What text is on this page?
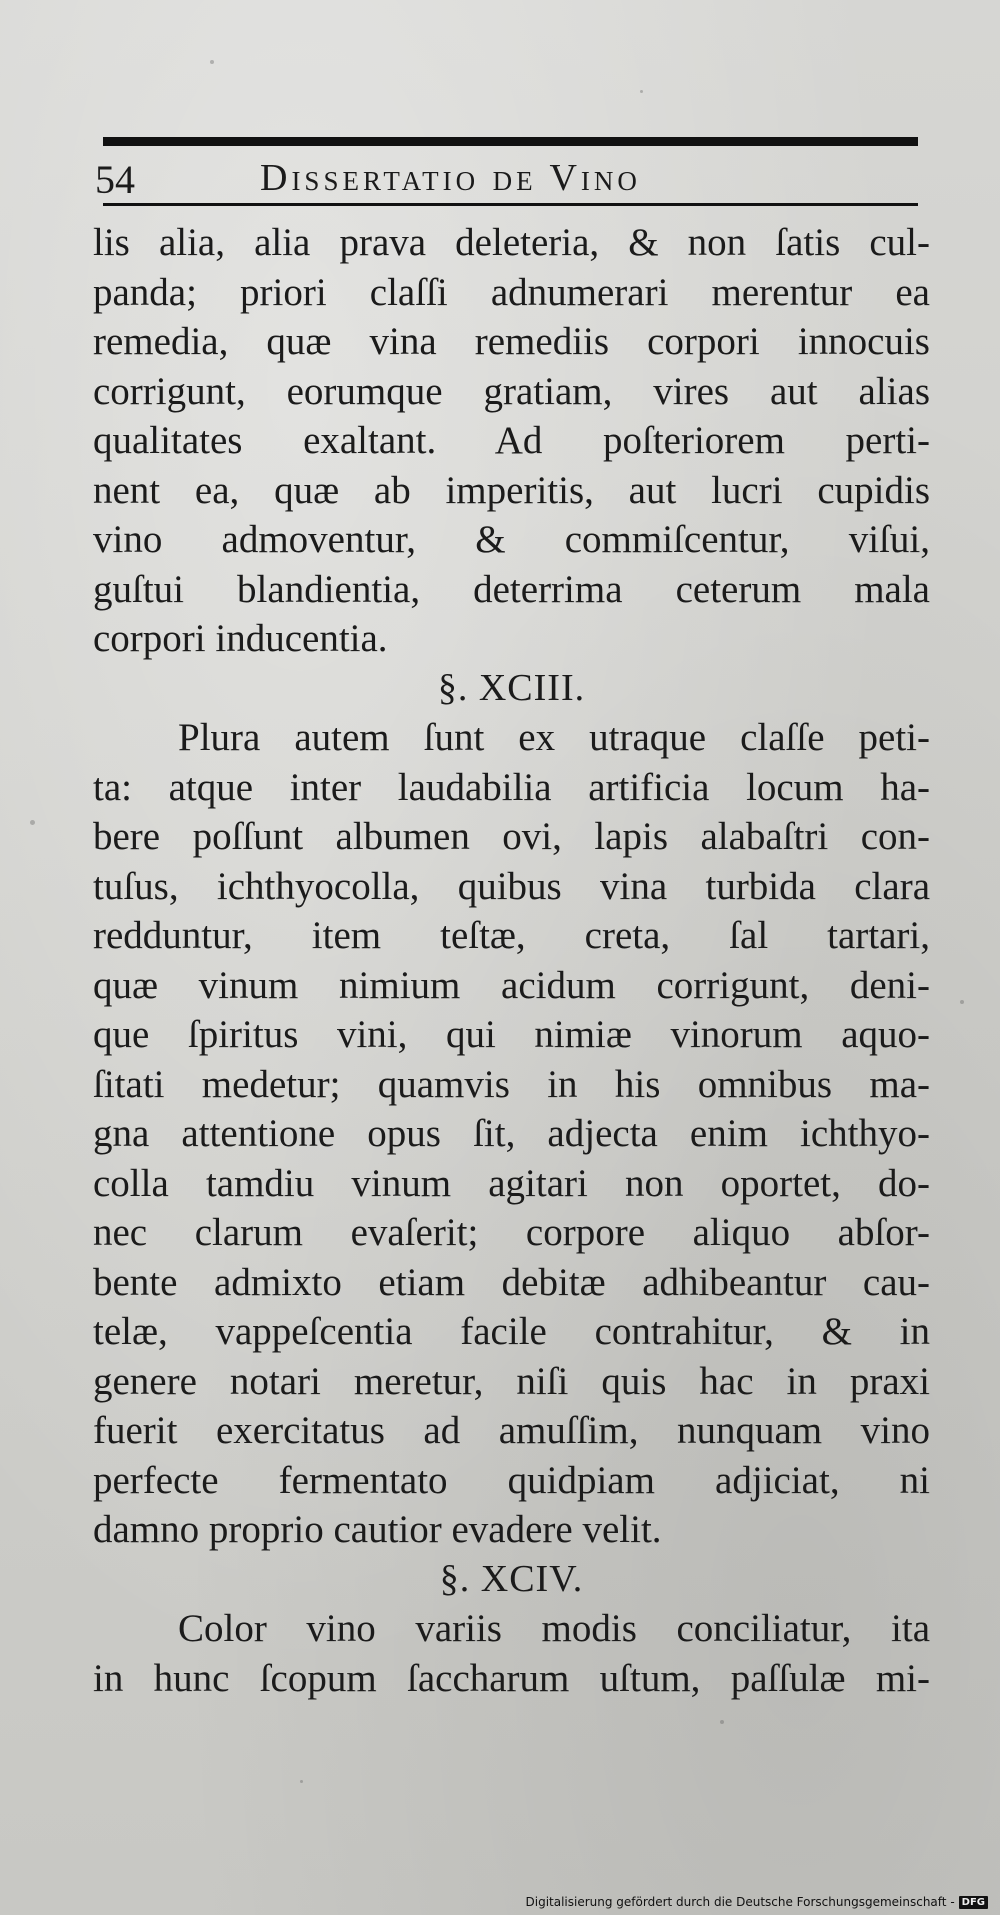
54	Dissertatio de Vino
lis alia, alia prava deleteria, & non ſatis cul-
panda; priori claſſi adnumerari merentur ea
remedia, quæ vina remediis corpori innocuis
corrigunt, eorumque gratiam, vires aut alias
qualitates exaltant. Ad poſteriorem perti-
nent ea, quæ ab imperitis, aut lucri cupidis
vino admoventur, & commiſcentur, viſui,
guſtui blandientia, deterrima ceterum mala
corpori inducentia.
§. XCIII.
Plura autem ſunt ex utraque claſſe peti-
ta: atque inter laudabilia artificia locum ha-
bere poſſunt albumen ovi, lapis alabaſtri con-
tuſus, ichthyocolla, quibus vina turbida clara
redduntur, item teſtæ, creta, ſal tartari,
quæ vinum nimium acidum corrigunt, deni-
que ſpiritus vini, qui nimiæ vinorum aquo-
ſitati medetur; quamvis in his omnibus ma-
gna attentione opus ſit, adjecta enim ichthyo-
colla tamdiu vinum agitari non oportet, do-
nec clarum evaſerit; corpore aliquo abſor-
bente admixto etiam debitæ adhibeantur cau-
telæ, vappeſcentia facile contrahitur, & in
genere notari meretur, niſi quis hac in praxi
fuerit exercitatus ad amuſſim, nunquam vino
perfecte fermentato quidpiam adjiciat, ni
damno proprio cautior evadere velit.
§. XCIV.
Color vino variis modis conciliatur, ita
in hunc ſcopum ſaccharum uſtum, paſſulæ mi-
Digitalisierung gefördert durch die Deutsche Forschungsgemeinschaft - DFG
